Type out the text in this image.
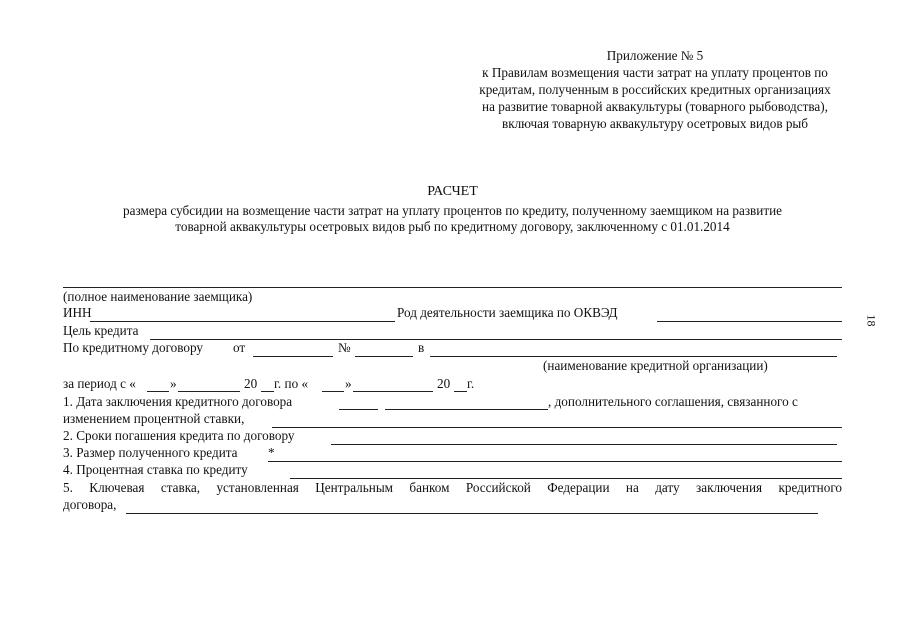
Приложение № 5
к Правилам возмещения части затрат на уплату процентов по
кредитам, полученным в российских кредитных организациях
на развитие товарной аквакультуры (товарного рыбоводства),
включая товарную аквакультуру осетровых видов рыб
РАСЧЕТ
размера субсидии на возмещение части затрат на уплату процентов по кредиту, полученному заемщиком на развитие
товарной аквакультуры осетровых видов рыб по кредитному договору, заключенному с 01.01.2014
(полное наименование заемщика)
ИНН	Род деятельности заемщика по ОКВЭД
Цель кредита
По кредитному договору от	№	в
(наименование кредитной организации)
за период с «	»	20 г. по «	»	20 г.
1. Дата заключения кредитного договора	, дополнительного соглашения, связанного с
изменением процентной ставки,
2. Сроки погашения кредита по договору
3. Размер полученного кредита *
4. Процентная ставка по кредиту
5. Ключевая ставка, установленная Центральным банком Российской Федерации на дату заключения кредитного
договора,
18
